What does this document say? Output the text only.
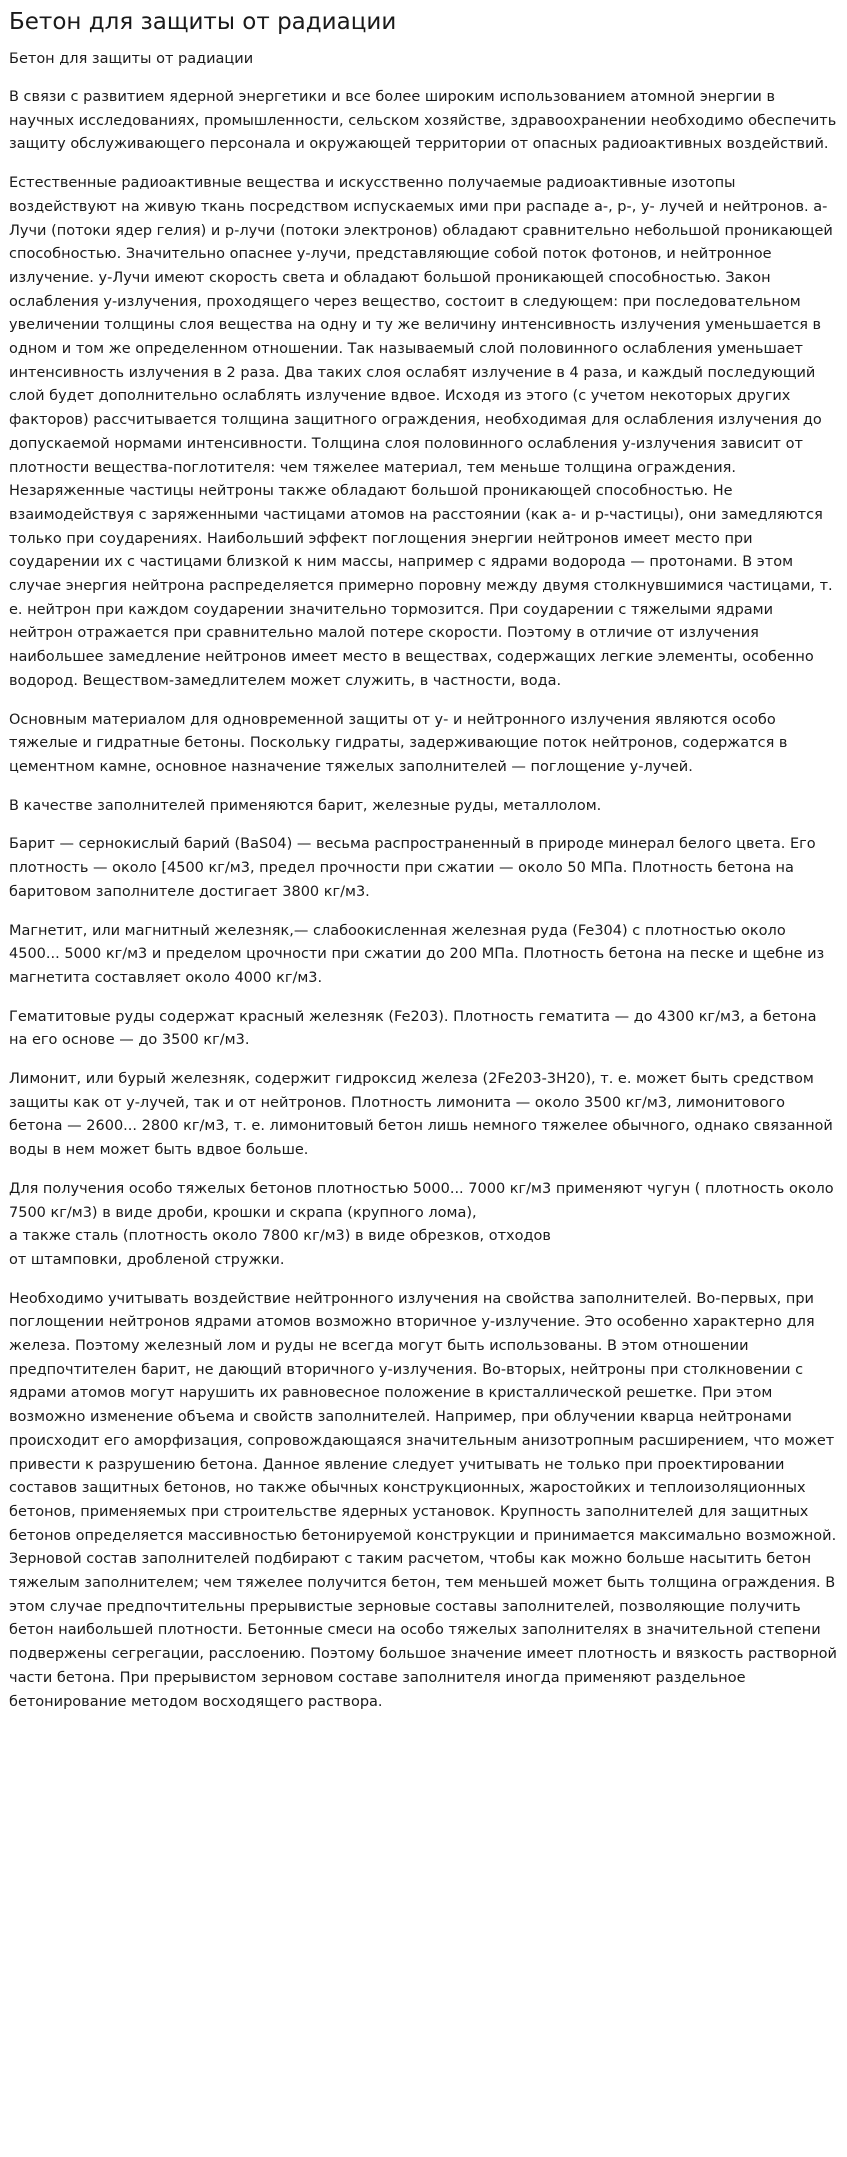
Бетон для защиты от радиации
Бетон для защиты от радиации

В связи с развитием ядерной энергетики и все более широким использованием атомной энергии в научных исследованиях, промышленности, сельском хозяйстве, здравоохранении необходимо обеспечить защиту обслуживающего персонала и окружающей территории от опасных радиоактивных воздействий.

Естественные радиоактивные вещества и искусственно получаемые радиоактивные изотопы воздействуют на живую ткань посредством испускаемых ими при распаде а-, р-, у- лучей и нейтронов. а-Лучи (потоки ядер гелия) и р-лучи (потоки электронов) обладают сравнительно небольшой проникающей способностью. Значительно опаснее у-лучи, представляющие собой поток фотонов, и нейтронное излучение. у-Лучи имеют скорость света и обладают большой проникающей способностью. Закон ослабления у-излучения, проходящего через вещество, состоит в следующем: при последовательном увеличении толщины слоя вещества на одну и ту же величину интенсивность излучения уменьшается в одном и том же определенном отношении. Так называемый слой половинного ослабления уменьшает интенсивность излучения в 2 раза. Два таких слоя ослабят излучение в 4 раза, и каждый последующий слой будет дополнительно ослаблять излучение вдвое. Исходя из этого (с учетом некоторых других факторов) рассчитывается толщина защитного ограждения, необходимая для ослабления излучения до допускаемой нормами интенсивности. Толщина слоя половинного ослабления у-излучения зависит от плотности вещества-поглотителя: чем тяжелее материал, тем меньше толщина ограждения. Незаряженные частицы нейтроны также обладают большой проникающей способностью. Не взаимодействуя с заряженными частицами атомов на расстоянии (как а- и р-частицы), они замедляются только при соударениях. Наибольший эффект поглощения энергии нейтронов имеет место при соударении их с частицами близкой к ним массы, например с ядрами водорода — протонами. В этом случае энергия нейтрона распределяется примерно поровну между двумя столкнувшимися частицами, т. е. нейтрон при каждом соударении значительно тормозится. При соударении с тяжелыми ядрами нейтрон отражается при сравнительно малой потере скорости. Поэтому в отличие от излучения наибольшее замедление нейтронов имеет место в веществах, содержащих легкие элементы, особенно водород. Веществом-замедлителем может служить, в частности, вода.

Основным материалом для одновременной защиты от у- и нейтронного излучения являются особо тяжелые и гидратные бетоны. Поскольку гидраты, задерживающие поток нейтронов, содержатся в цементном камне, основное назначение тяжелых заполнителей — поглощение у-лучей.

В качестве заполнителей применяются барит, железные руды, металлолом.

Барит — сернокислый барий (BaS04) — весьма распространенный в природе минерал белого цвета. Его плотность — около [4500 кг/м3, предел прочности при сжатии — около 50 МПа. Плотность бетона на баритовом заполнителе достигает 3800 кг/м3.

Магнетит, или магнитный железняк,— слабоокисленная железная руда (Fe304) с плотностью около 4500... 5000 кг/м3 и пределом црочности при сжатии до 200 МПа. Плотность бетона на песке и щебне из магнетита составляет около 4000 кг/м3.

Гематитовые руды содержат красный железняк (Fe203). Плотность гематита — до 4300 кг/м3, а бетона на его основе — до 3500 кг/м3.

Лимонит, или бурый железняк, содержит гидроксид железа (2Fe203-3H20), т. е. может быть средством защиты как от у-лучей, так и от нейтронов. Плотность лимонита — около 3500 кг/м3, лимонитового бетона — 2600... 2800 кг/м3, т. е. лимонитовый бетон лишь немного тяжелее обычного, однако связанной воды в нем может быть вдвое больше.

Для получения особо тяжелых бетонов плотностью 5000... 7000 кг/м3 применяют чугун ( плотность около 7500 кг/м3) в виде дроби, крошки и скрапа (крупного лома),
а также сталь (плотность около 7800 кг/м3) в виде обрезков, отходов
от штамповки, дробленой стружки.

Необходимо учитывать воздействие нейтронного излучения на свойства заполнителей. Во-первых, при поглощении нейтронов ядрами атомов возможно вторичное у-излучение. Это особенно характерно для железа. Поэтому железный лом и руды не всегда могут быть использованы. В этом отношении предпочтителен барит, не дающий вторичного у-излучения. Во-вторых, нейтроны при столкновении с ядрами атомов могут нарушить их равновесное положение в кристаллической решетке. При этом возможно изменение объема и свойств заполнителей. Например, при облучении кварца нейтронами происходит его аморфизация, сопровождающаяся значительным анизотропным расширением, что может привести к разрушению бетона. Данное явление следует учитывать не только при проектировании составов защитных бетонов, но также обычных конструкционных, жаростойких и теплоизоляционных бетонов, применяемых при строительстве ядерных установок. Крупность заполнителей для защитных бетонов определяется массивностью бетонируемой конструкции и принимается максимально возможной. Зерновой состав заполнителей подбирают с таким расчетом, чтобы как можно больше насытить бетон тяжелым заполнителем; чем тяжелее получится бетон, тем меньшей может быть толщина ограждения. В этом случае предпочтительны прерывистые зерновые составы заполнителей, позволяющие получить бетон наибольшей плотности. Бетонные смеси на особо тяжелых заполнителях в значительной степени подвержены сегрегации, расслоению. Поэтому большое значение имеет плотность и вязкость растворной части бетона. При прерывистом зерновом составе заполнителя иногда применяют раздельное бетонирование методом восходящего раствора.
